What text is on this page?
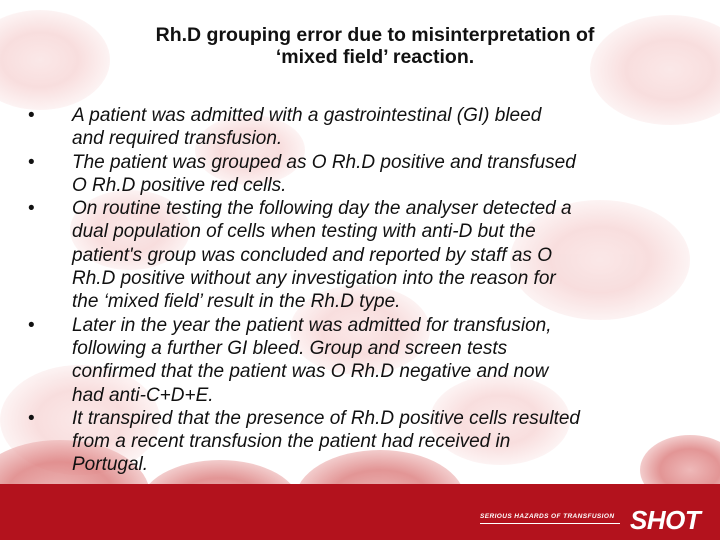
Rh.D grouping error due to misinterpretation of
‘mixed field’ reaction.
• A patient was admitted with a gastrointestinal (GI) bleed
and required transfusion.
• The patient was grouped as O Rh.D positive and transfused
O Rh.D positive red cells.
• On routine testing the following day the analyser detected a
dual population of cells when testing with anti-D but the
patient's group was concluded and reported by staff as O
Rh.D positive without any investigation into the reason for
the ‘mixed field’ result in the Rh.D type.
• Later in the year the patient was admitted for transfusion,
following a further GI bleed. Group and screen tests
confirmed that the patient was O Rh.D negative and now
had anti-C+D+E.
• It transpired that the presence of Rh.D positive cells resulted
from a recent transfusion the patient had received in
Portugal.
SERIOUS HAZARDS OF TRANSFUSION SHOT
